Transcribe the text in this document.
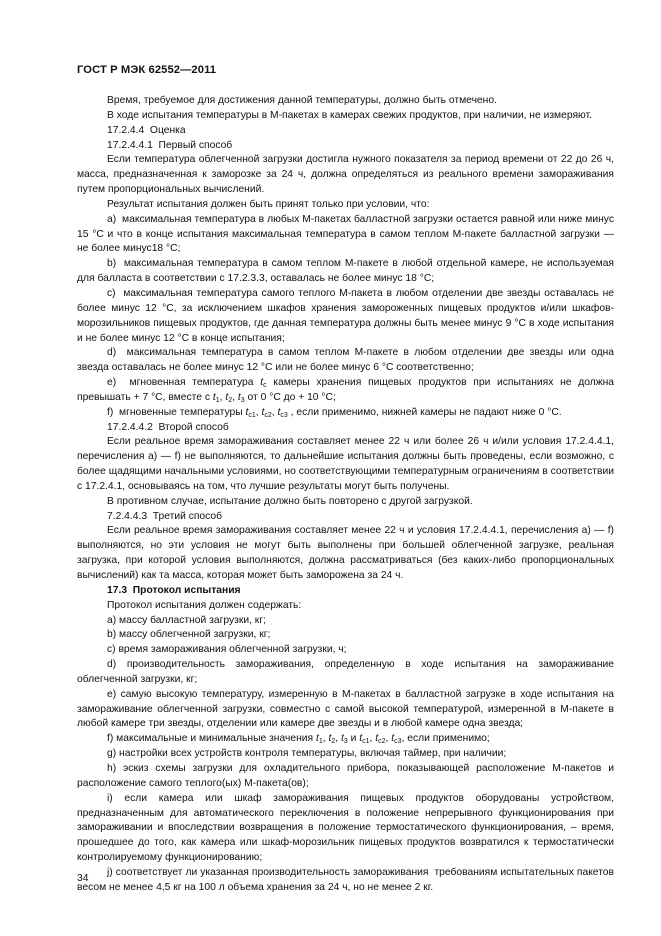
ГОСТ Р МЭК 62552—2011

Время, требуемое для достижения данной температуры, должно быть отмечено.

В ходе испытания температуры в М-пакетах в камерах свежих продуктов, при наличии, не измеряют.

17.2.4.4  Оценка

17.2.4.4.1  Первый способ

Если температура облегченной загрузки достигла нужного показателя за период времени от 22 до 26 ч, масса, предназначенная к заморозке за 24 ч, должна определяться из реального времени замораживания путем пропорциональных вычислений.

Результат испытания должен быть принят только при условии, что:

а)  максимальная температура в любых М-пакетах балластной загрузки остается равной или ниже минус 15 °С и что в конце испытания максимальная температура в самом теплом М-пакете балластной загрузки — не более минус18 °С;

b)  максимальная температура в самом теплом М-пакете в любой отдельной камере, не используемая для балласта в соответствии с 17.2.3.3, оставалась не более минус 18 °С;

с)  максимальная температура самого теплого М-пакета в любом отделении две звезды оставалась не более минус 12 °С, за исключением шкафов хранения замороженных пищевых продуктов и/или шкафов-морозильников пищевых продуктов, где данная температура должны быть менее минус 9 °С в ходе испытания и не более минус 12 °С в конце испытания;

d)  максимальная температура в самом теплом М-пакете в любом отделении две звезды или одна звезда оставалась не более минус 12 °С или не более минус 6 °С соответственно;

е)  мгновенная температура $t_c$ камеры хранения пищевых продуктов при испытаниях не должна превышать + 7 °С, вместе с $t_1$, $t_2$, $t_3$ от 0 °С до + 10 °С;

f)  мгновенные температуры $t_{c1}$, $t_{c2}$, $t_{c3}$ , если применимо, нижней камеры не падают ниже 0 °С.

17.2.4.4.2  Второй способ

Если реальное время замораживания составляет менее 22 ч или более 26 ч и/или условия 17.2.4.4.1, перечисления а) — f) не выполняются, то дальнейшие испытания должны быть проведены, если возможно, с более щадящими начальными условиями, но соответствующими температурным ограничениям в соответствии с 17.2.4.1, основываясь на том, что лучшие результаты могут быть получены.

В противном случае, испытание должно быть повторено с другой загрузкой.

7.2.4.4.3  Третий способ

Если реальное время замораживания составляет менее 22 ч и условия 17.2.4.4.1, перечисления а) — f) выполняются, но эти условия не могут быть выполнены при большей облегченной загрузке, реальная загрузка, при которой условия выполняются, должна рассматриваться (без каких-либо пропорциональных вычислений) как та масса, которая может быть заморожена за 24 ч.

17.3  Протокол испытания

Протокол испытания должен содержать:

а) массу балластной загрузки, кг;

b) массу облегченной загрузки, кг;

с) время замораживания облегченной загрузки, ч;

d) производительность замораживания, определенную в ходе испытания на замораживание облегченной загрузки, кг;

е) самую высокую температуру, измеренную в М-пакетах в балластной загрузке в ходе испытания на замораживание облегченной загрузки, совместно с самой высокой температурой, измеренной в М-пакете в любой камере три звезды, отделении или камере две звезды и в любой камере одна звезда;

f) максимальные и минимальные значения $t_1$, $t_2$, $t_3$ и $t_{c1}$, $t_{c2}$, $t_{c3}$, если применимо;

g) настройки всех устройств контроля температуры, включая таймер, при наличии;

h) эскиз схемы загрузки для охладительного прибора, показывающей расположение М-пакетов и расположение самого теплого(ых) М-пакета(ов);

i) если камера или шкаф замораживания пищевых продуктов оборудованы устройством, предназначенным для автоматического переключения в положение непрерывного функционирования при замораживании и впоследствии возвращения в положение термостатического функционирования, – время, прошедшее до того, как камера или шкаф-морозильник пищевых продуктов возвратился к термостатически контролируемому функционированию;

j) соответствует ли указанная производительность замораживания  требованиям испытательных пакетов весом не менее 4,5 кг на 100 л объема хранения за 24 ч, но не менее 2 кг.

34
